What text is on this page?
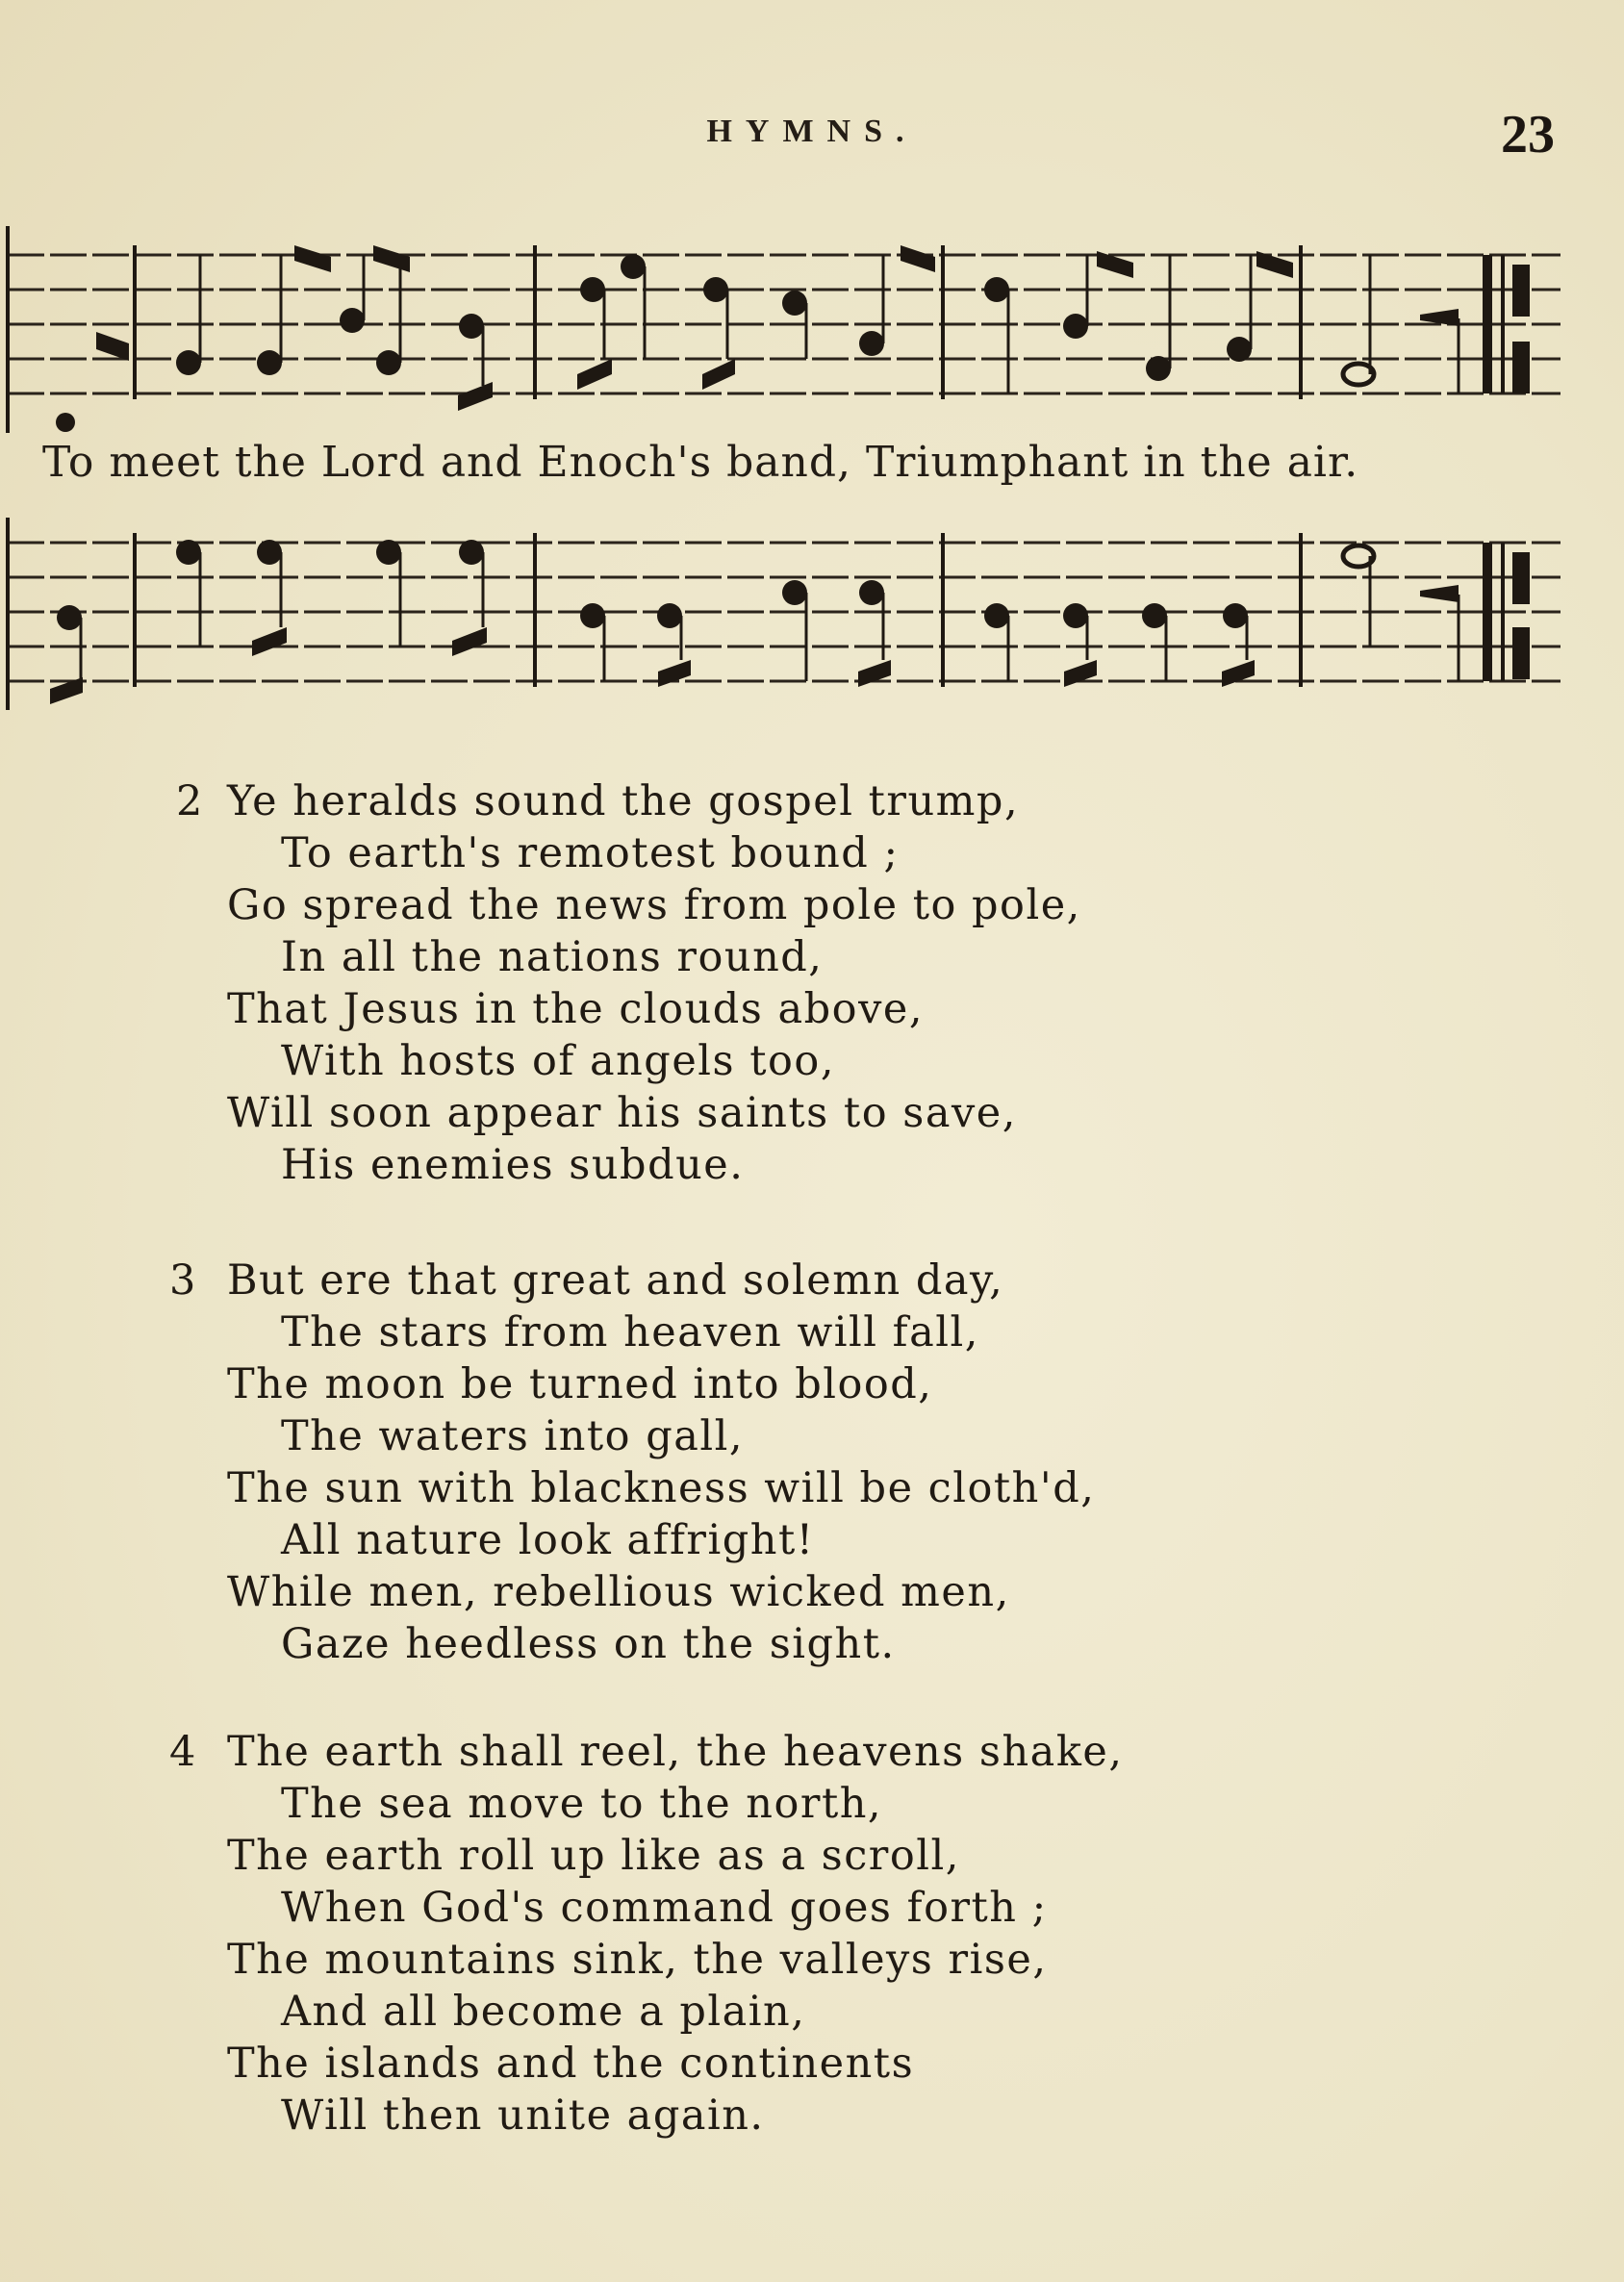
HYMNS.	23
To meet the Lord and Enoch's band, Triumphant in the air.
2 Ye heralds sound the gospel trump,
To earth's remotest bound ;
Go spread the news from pole to pole,
In all the nations round,
That Jesus in the clouds above,
With hosts of angels too,
Will soon appear his saints to save,
His enemies subdue.
3 But ere that great and solemn day,
The stars from heaven will fall,
The moon be turned into blood,
The waters into gall,
The sun with blackness will be cloth'd,
All nature look affright!
While men, rebellious wicked men,
Gaze heedless on the sight.
4 The earth shall reel, the heavens shake,
The sea move to the north,
The earth roll up like as a scroll,
When God's command goes forth ;
The mountains sink, the valleys rise,
And all become a plain,
The islands and the continents
Will then unite again.
